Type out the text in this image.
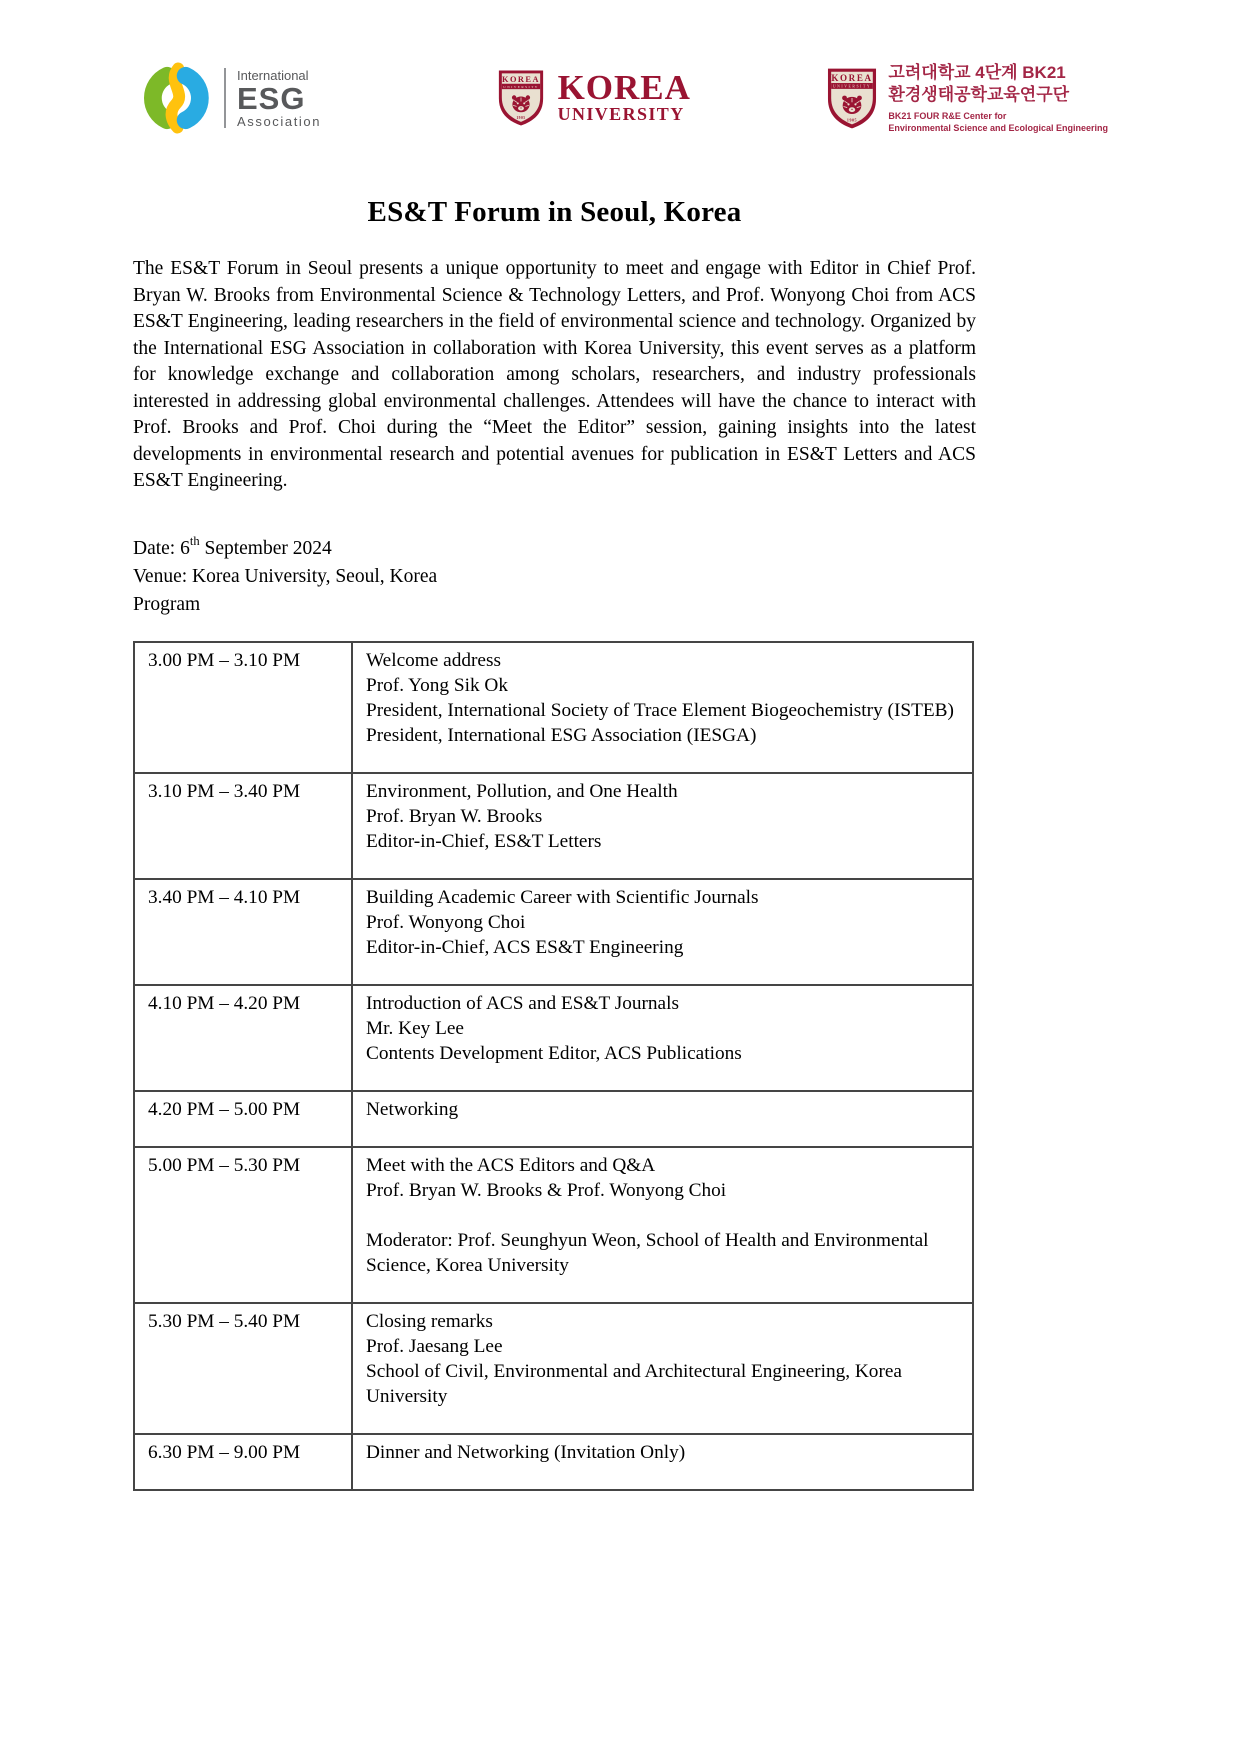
International
ESG
Association
KOREA
UNIVERSITY
1905
KOREA
UNIVERSITY
KOREA
UNIVERSITY
1905
고려대학교 4단계 BK21
환경생태공학교육연구단
BK21 FOUR R&E Center for
Environmental Science and Ecological Engineering
ES&T Forum in Seoul, Korea

The ES&T Forum in Seoul presents a unique opportunity to meet and engage with Editor in Chief Prof. Bryan W. Brooks from Environmental Science & Technology Letters, and Prof. Wonyong Choi from ACS ES&T Engineering, leading researchers in the field of environmental science and technology. Organized by the International ESG Association in collaboration with Korea University, this event serves as a platform for knowledge exchange and collaboration among scholars, researchers, and industry professionals interested in addressing global environmental challenges. Attendees will have the chance to interact with Prof. Brooks and Prof. Choi during the “Meet the Editor” session, gaining insights into the latest developments in environmental research and potential avenues for publication in ES&T Letters and ACS ES&T Engineering.

Date: 6th September 2024
Venue: Korea University, Seoul, Korea
Program
3.00 PM – 3.10 PM	Welcome address
Prof. Yong Sik Ok
President, International Society of Trace Element Biogeochemistry (ISTEB)
President, International ESG Association (IESGA)

3.10 PM – 3.40 PM	Environment, Pollution, and One Health
Prof. Bryan W. Brooks
Editor-in-Chief, ES&T Letters

3.40 PM – 4.10 PM	Building Academic Career with Scientific Journals
Prof. Wonyong Choi
Editor-in-Chief, ACS ES&T Engineering

4.10 PM – 4.20 PM	Introduction of ACS and ES&T Journals
Mr. Key Lee
Contents Development Editor, ACS Publications

4.20 PM – 5.00 PM	Networking

5.00 PM – 5.30 PM	Meet with the ACS Editors and Q&A
Prof. Bryan W. Brooks & Prof. Wonyong Choi

Moderator: Prof. Seunghyun Weon, School of Health and Environmental Science, Korea University

5.30 PM – 5.40 PM	Closing remarks
Prof. Jaesang Lee
School of Civil, Environmental and Architectural Engineering, Korea University

6.30 PM – 9.00 PM	Dinner and Networking (Invitation Only)
